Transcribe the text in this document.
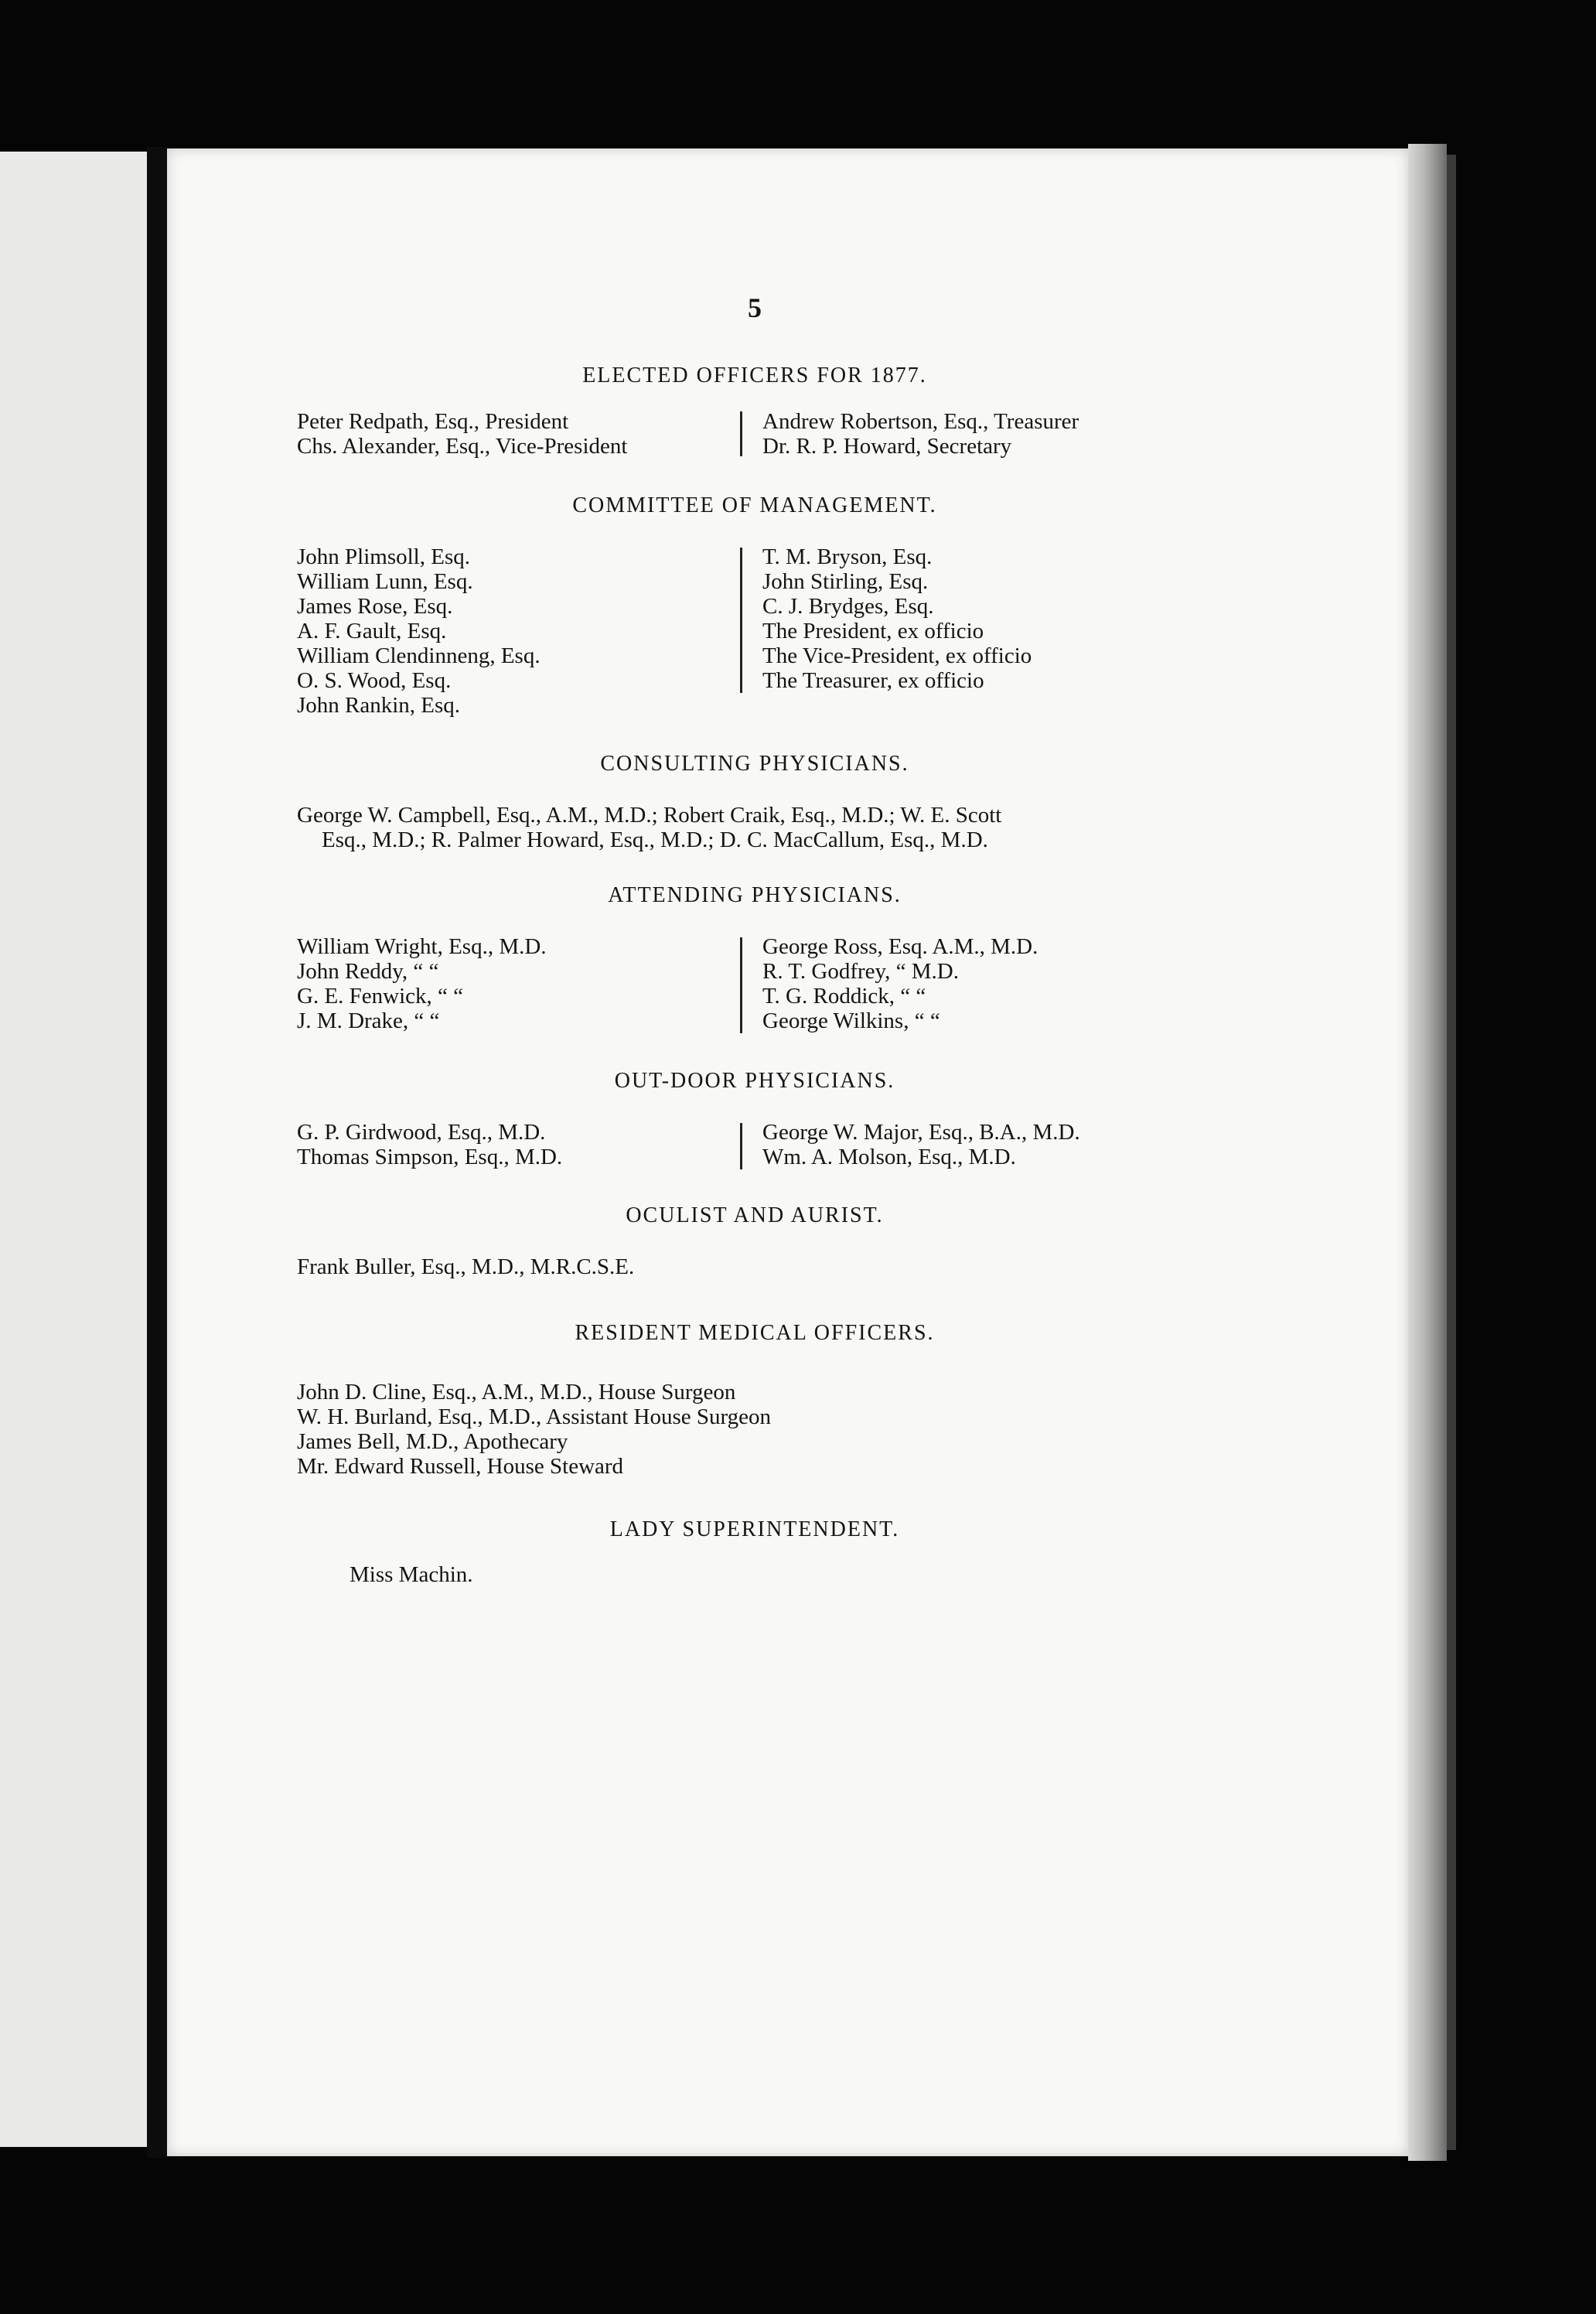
5
ELECTED OFFICERS FOR 1877.
Peter Redpath, Esq., President
Chs. Alexander, Esq., Vice-President
Andrew Robertson, Esq., Treasurer
Dr. R. P. Howard, Secretary
COMMITTEE OF MANAGEMENT.
John Plimsoll, Esq.
William Lunn, Esq.
James Rose, Esq.
A. F. Gault, Esq.
William Clendinneng, Esq.
O. S. Wood, Esq.
John Rankin, Esq.
T. M. Bryson, Esq.
John Stirling, Esq.
C. J. Brydges, Esq.
The President, ex officio
The Vice-President, ex officio
The Treasurer, ex officio
CONSULTING PHYSICIANS.
George W. Campbell, Esq., A.M., M.D.; Robert Craik, Esq., M.D.; W. E. Scott
Esq., M.D.; R. Palmer Howard, Esq., M.D.; D. C. MacCallum, Esq., M.D.
ATTENDING PHYSICIANS.
William Wright, Esq., M.D.
John Reddy, “ “
G. E. Fenwick, “ “
J. M. Drake, “ “
George Ross, Esq. A.M., M.D.
R. T. Godfrey, “ M.D.
T. G. Roddick, “ “
George Wilkins, “ “
OUT-DOOR PHYSICIANS.
G. P. Girdwood, Esq., M.D.
Thomas Simpson, Esq., M.D.
George W. Major, Esq., B.A., M.D.
Wm. A. Molson, Esq., M.D.
OCULIST AND AURIST.
Frank Buller, Esq., M.D., M.R.C.S.E.
RESIDENT MEDICAL OFFICERS.
John D. Cline, Esq., A.M., M.D., House Surgeon
W. H. Burland, Esq., M.D., Assistant House Surgeon
James Bell, M.D., Apothecary
Mr. Edward Russell, House Steward
LADY SUPERINTENDENT.
Miss Machin.
